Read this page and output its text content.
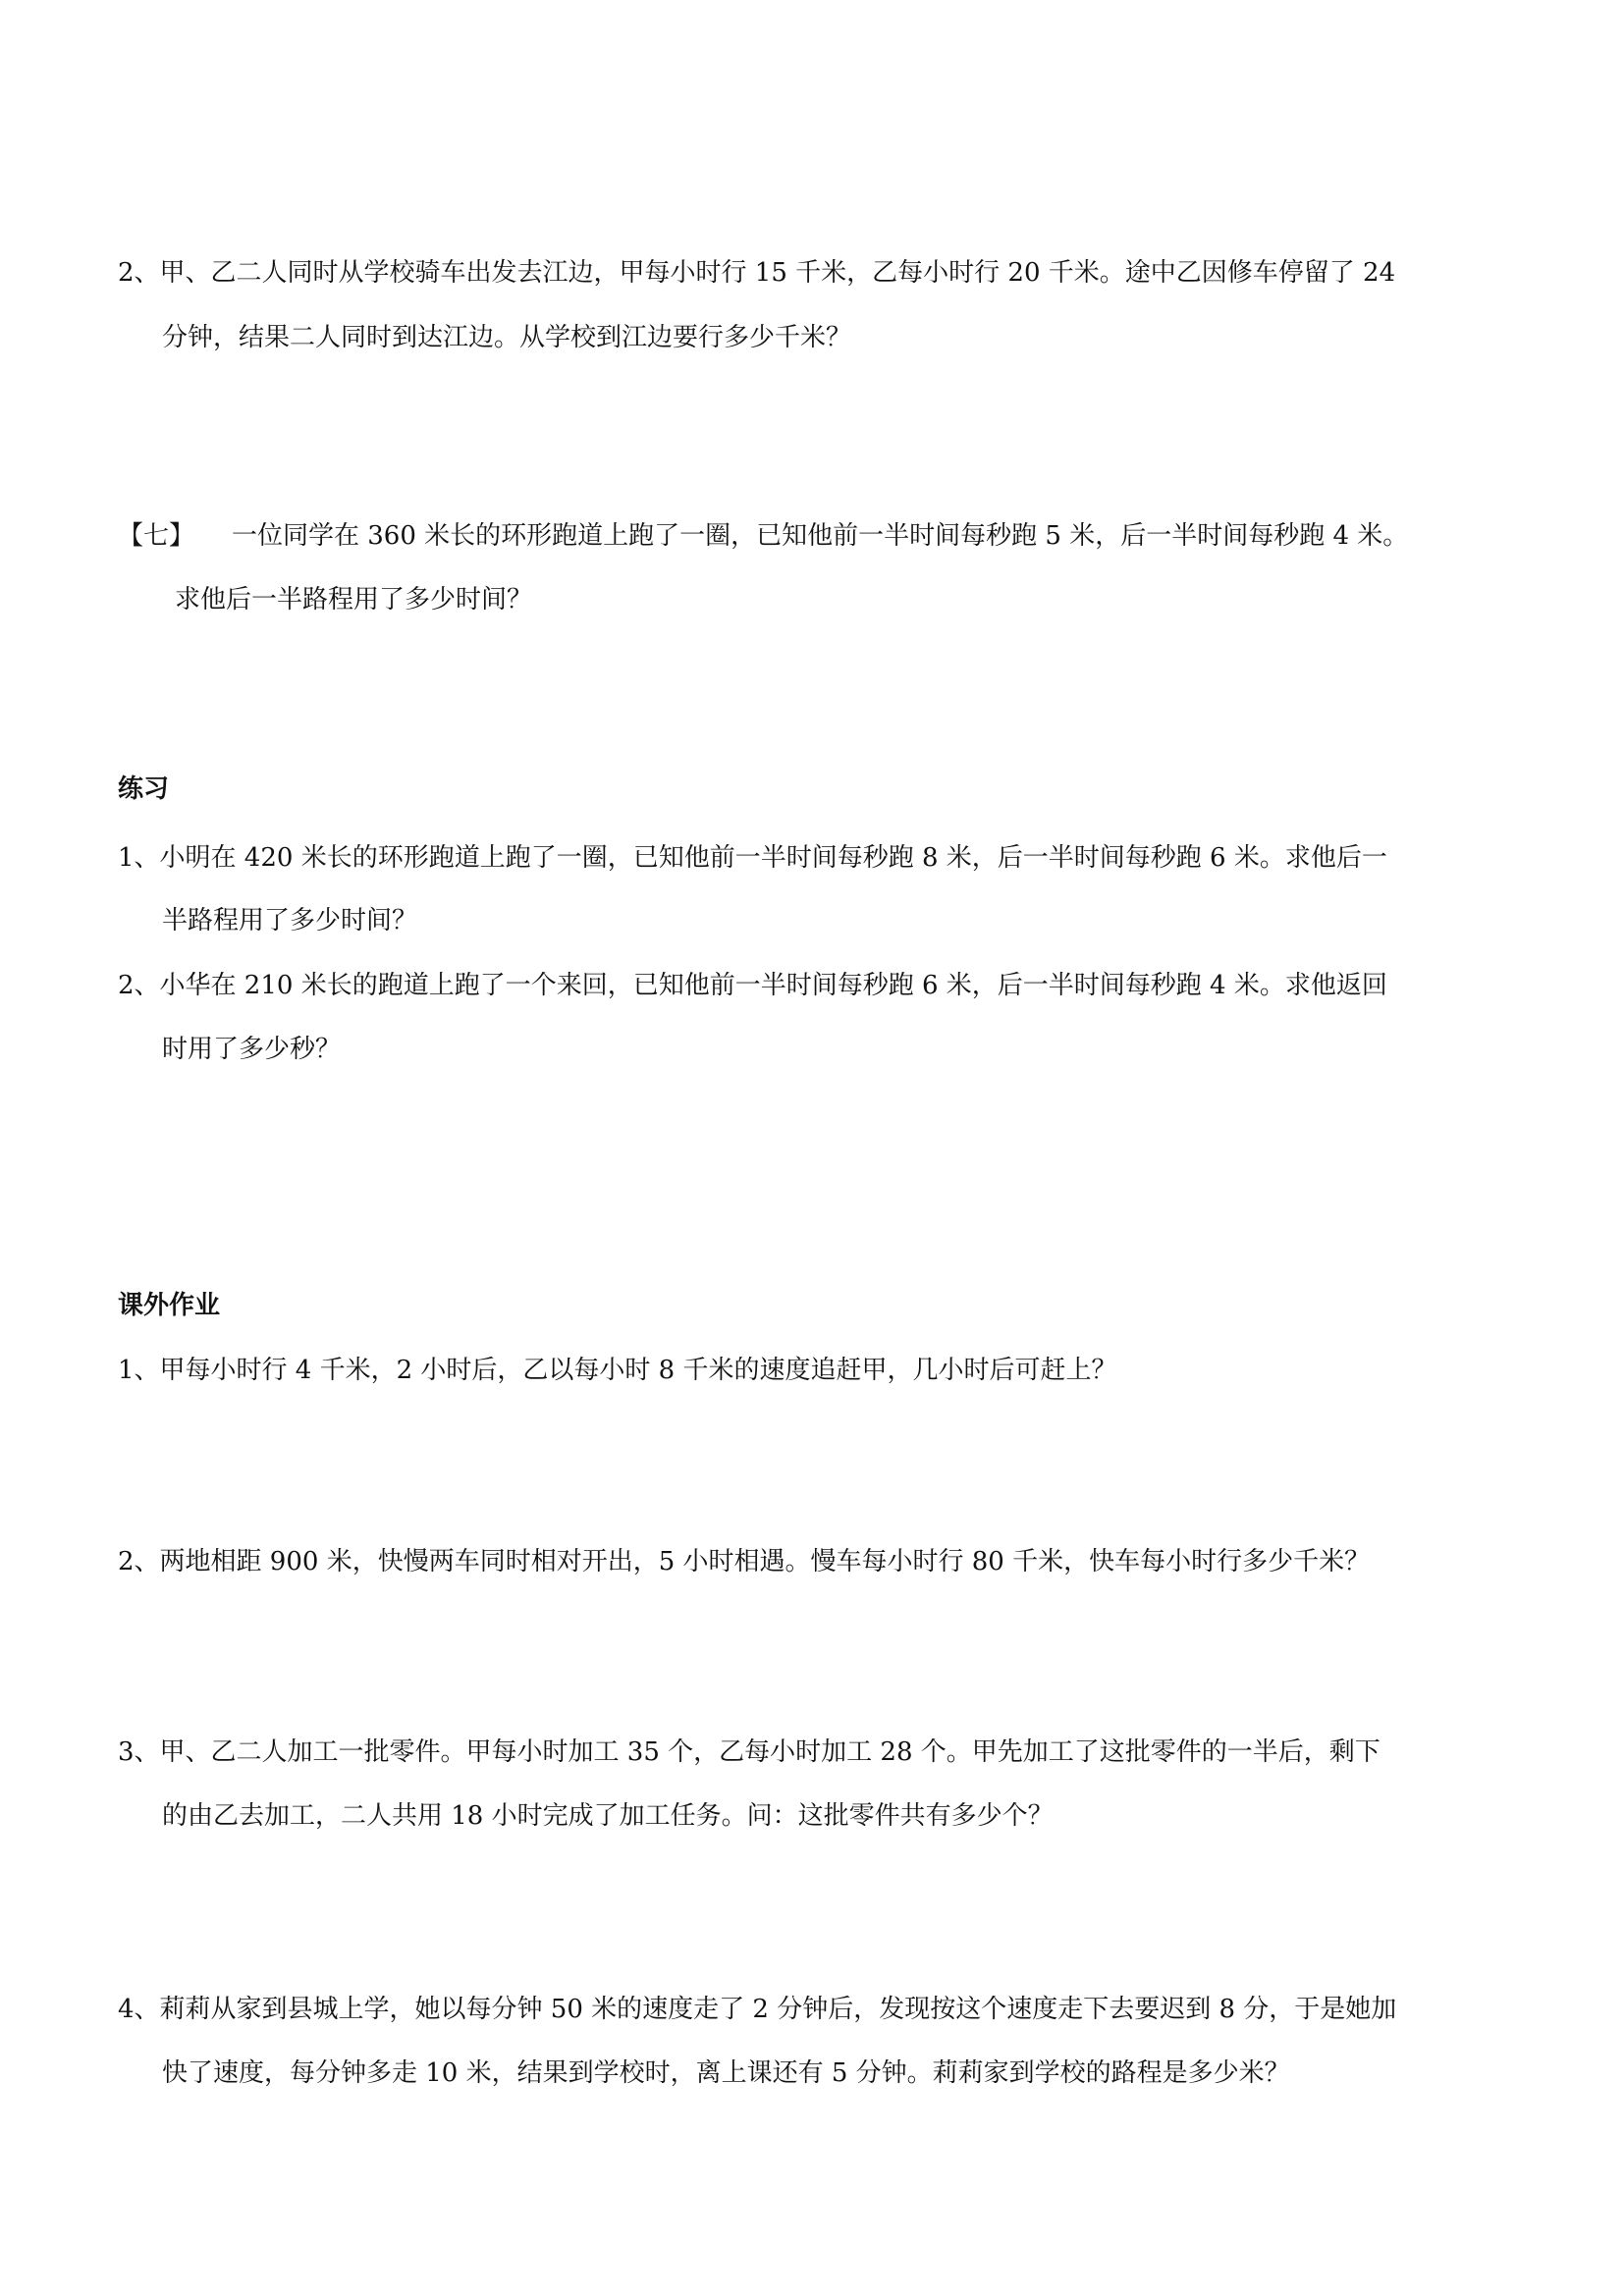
2、甲、乙二人同时从学校骑车出发去江边，甲每小时行 15 千米，乙每小时行 20 千米。途中乙因修车停留了 24
分钟，结果二人同时到达江边。从学校到江边要行多少千米？
【七】 一位同学在 360 米长的环形跑道上跑了一圈，已知他前一半时间每秒跑 5 米，后一半时间每秒跑 4 米。
求他后一半路程用了多少时间？
练习
1、小明在 420 米长的环形跑道上跑了一圈，已知他前一半时间每秒跑 8 米，后一半时间每秒跑 6 米。求他后一
半路程用了多少时间？
2、小华在 210 米长的跑道上跑了一个来回，已知他前一半时间每秒跑 6 米，后一半时间每秒跑 4 米。求他返回
时用了多少秒？
课外作业
1、甲每小时行 4 千米，2 小时后，乙以每小时 8 千米的速度追赶甲，几小时后可赶上？
2、两地相距 900 米，快慢两车同时相对开出，5 小时相遇。慢车每小时行 80 千米，快车每小时行多少千米？
3、甲、乙二人加工一批零件。甲每小时加工 35 个，乙每小时加工 28 个。甲先加工了这批零件的一半后，剩下
的由乙去加工，二人共用 18 小时完成了加工任务。问：这批零件共有多少个？
4、莉莉从家到县城上学，她以每分钟 50 米的速度走了 2 分钟后，发现按这个速度走下去要迟到 8 分，于是她加
快了速度，每分钟多走 10 米，结果到学校时，离上课还有 5 分钟。莉莉家到学校的路程是多少米？
